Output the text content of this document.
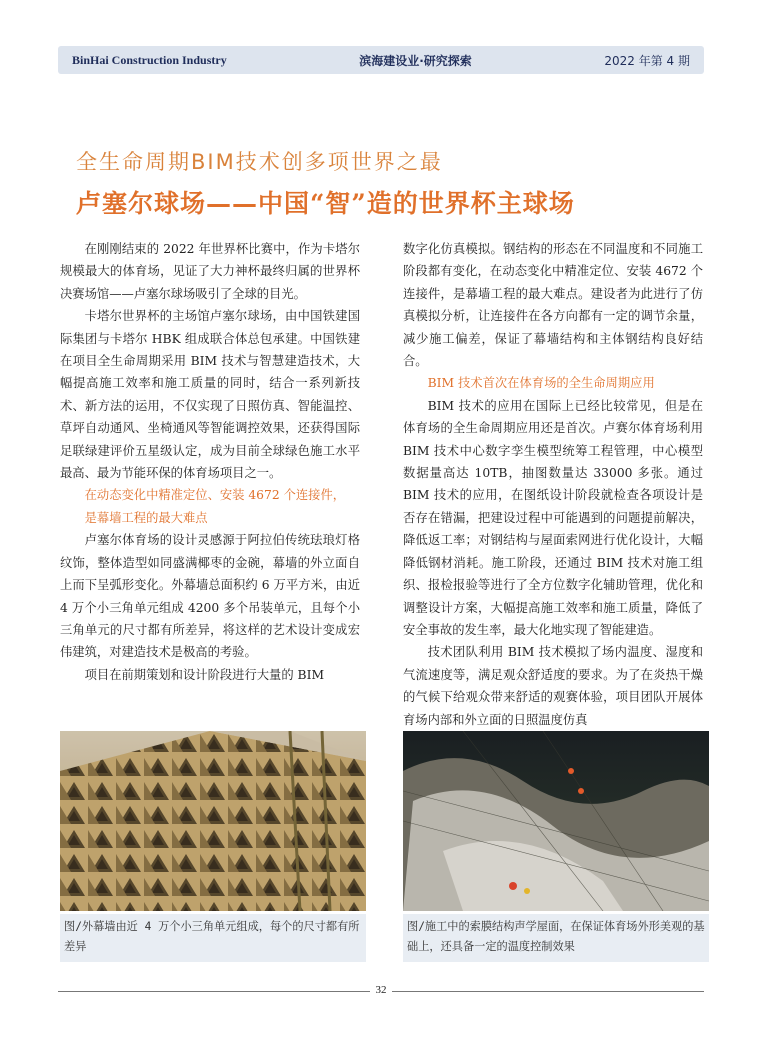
BinHai Construction Industry	滨海建设业·研究探索	2022 年第 4 期
全生命周期BIM技术创多项世界之最
卢塞尔球场——中国“智”造的世界杯主球场

在刚刚结束的 2022 年世界杯比赛中，作为卡塔尔规模最大的体育场，见证了大力神杯最终归属的世界杯决赛场馆——卢塞尔球场吸引了全球的目光。

卡塔尔世界杯的主场馆卢塞尔球场，由中国铁建国际集团与卡塔尔 HBK 组成联合体总包承建。中国铁建在项目全生命周期采用 BIM 技术与智慧建造技术，大幅提高施工效率和施工质量的同时，结合一系列新技术、新方法的运用，不仅实现了日照仿真、智能温控、草坪自动通风、坐椅通风等智能调控效果，还获得国际足联绿建评价五星级认定，成为目前全球绿色施工水平最高、最为节能环保的体育场项目之一。

在动态变化中精准定位、安装 4672 个连接件，

是幕墙工程的最大难点

卢塞尔体育场的设计灵感源于阿拉伯传统珐琅灯格纹饰，整体造型如同盛满椰枣的金碗，幕墙的外立面自上而下呈弧形变化。外幕墙总面积约 6 万平方米，由近 4 万个小三角单元组成 4200 多个吊装单元，且每个小三角单元的尺寸都有所差异，将这样的艺术设计变成宏伟建筑，对建造技术是极高的考验。

项目在前期策划和设计阶段进行大量的 BIM

数字化仿真模拟。钢结构的形态在不同温度和不同施工阶段都有变化，在动态变化中精准定位、安装 4672 个连接件，是幕墙工程的最大难点。建设者为此进行了仿真模拟分析，让连接件在各方向都有一定的调节余量，减少施工偏差，保证了幕墙结构和主体钢结构良好结合。

BIM 技术首次在体育场的全生命周期应用

BIM 技术的应用在国际上已经比较常见，但是在体育场的全生命周期应用还是首次。卢赛尔体育场利用 BIM 技术中心数字孪生模型统筹工程管理，中心模型数据量高达 10TB，抽图数量达 33000 多张。通过 BIM 技术的应用，在图纸设计阶段就检查各项设计是否存在错漏，把建设过程中可能遇到的问题提前解决，降低返工率；对钢结构与屋面索网进行优化设计，大幅降低钢材消耗。施工阶段，还通过 BIM 技术对施工组织、报检报验等进行了全方位数字化辅助管理，优化和调整设计方案，大幅提高施工效率和施工质量，降低了安全事故的发生率，最大化地实现了智能建造。

技术团队利用 BIM 技术模拟了场内温度、湿度和气流速度等，满足观众舒适度的要求。为了在炎热干燥的气候下给观众带来舒适的观赛体验，项目团队开展体育场内部和外立面的日照温度仿真

图/外幕墙由近 4 万个小三角单元组成，每个的尺寸都有所差异
图/施工中的索膜结构声学屋面，在保证体育场外形美观的基础上，还具备一定的温度控制效果
32
